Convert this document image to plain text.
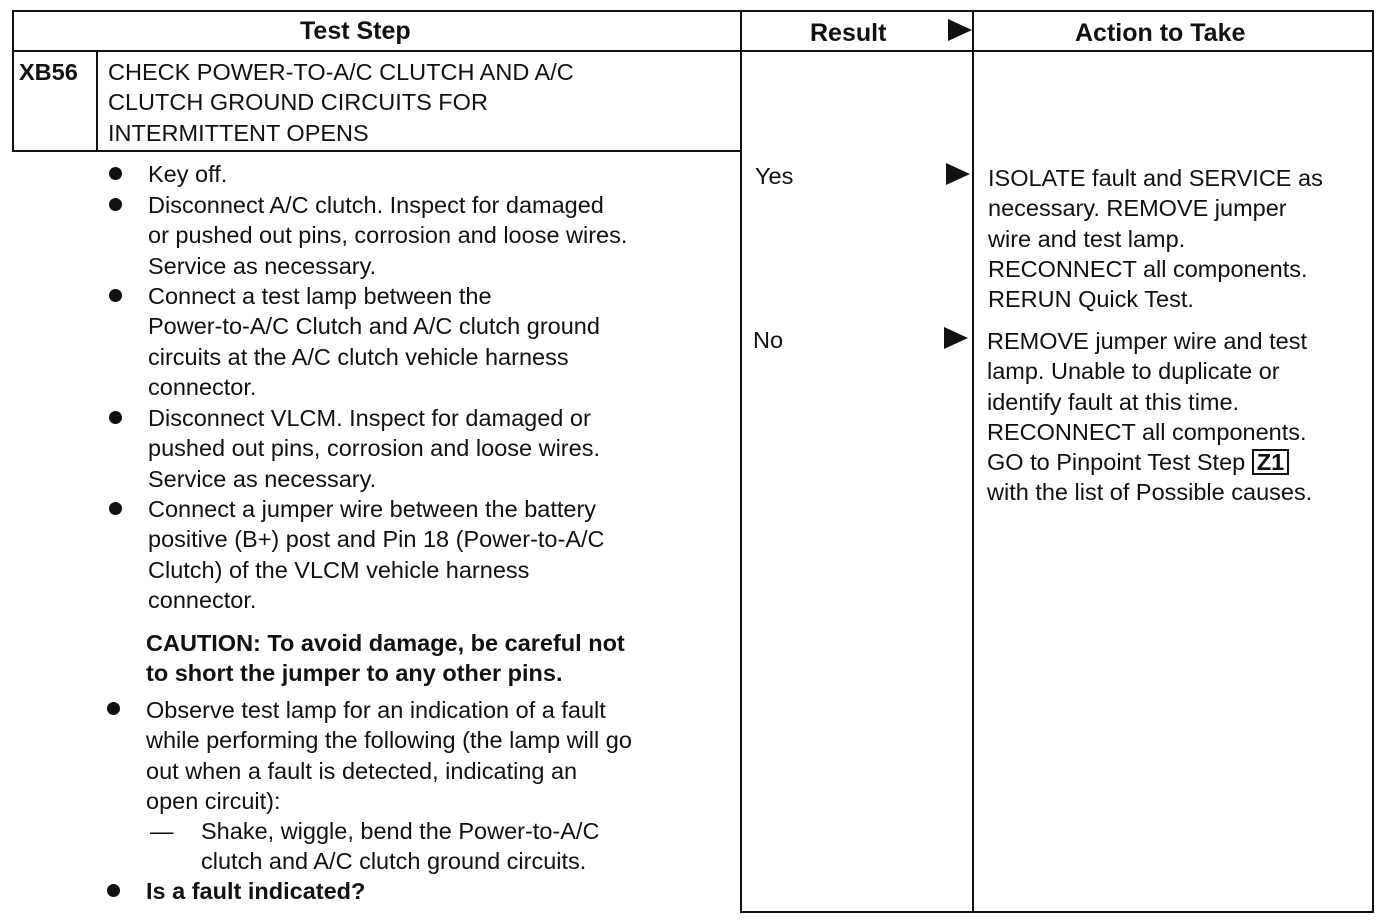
Test Step	Result	Action to Take
XB56 CHECK POWER-TO-A/C CLUTCH AND A/C
CLUTCH GROUND CIRCUITS FOR
INTERMITTENT OPENS
Key off.
Disconnect A/C clutch. Inspect for damaged
or pushed out pins, corrosion and loose wires.
Service as necessary.
Connect a test lamp between the
Power-to-A/C Clutch and A/C clutch ground
circuits at the A/C clutch vehicle harness
connector.
Disconnect VLCM. Inspect for damaged or
pushed out pins, corrosion and loose wires.
Service as necessary.
Connect a jumper wire between the battery
positive (B+) post and Pin 18 (Power-to-A/C
Clutch) of the VLCM vehicle harness
connector.
CAUTION: To avoid damage, be careful not
to short the jumper to any other pins.
Observe test lamp for an indication of a fault
while performing the following (the lamp will go
out when a fault is detected, indicating an
open circuit):
— Shake, wiggle, bend the Power-to-A/C
clutch and A/C clutch ground circuits.
Is a fault indicated?
Yes
No
ISOLATE fault and SERVICE as
necessary. REMOVE jumper
wire and test lamp.
RECONNECT all components.
RERUN Quick Test.
REMOVE jumper wire and test
lamp. Unable to duplicate or
identify fault at this time.
RECONNECT all components.
GO to Pinpoint Test Step Z1
with the list of Possible causes.
